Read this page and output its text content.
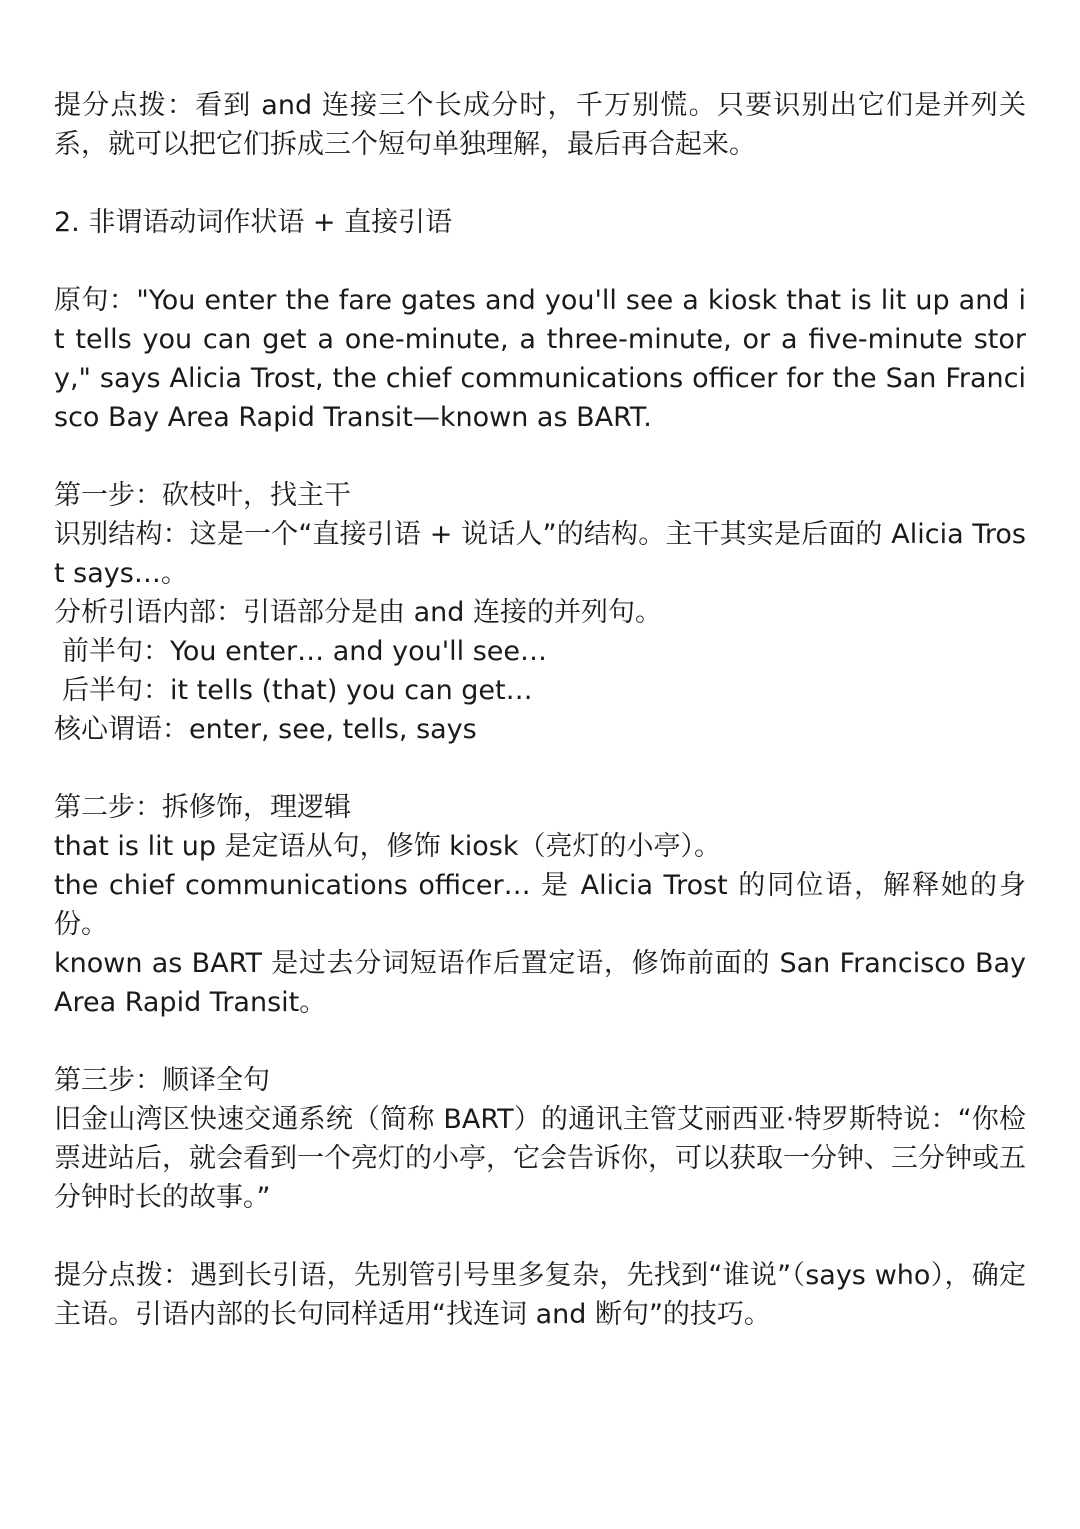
提分点拨：看到 and 连接三个长成分时，千万别慌。只要识别出它们是并列关系，就可以把它们拆成三个短句单独理解，最后再合起来。

2. 非谓语动词作状语 + 直接引语

原句："You enter the fare gates and you'll see a kiosk that is lit up and it tells you can get a one-minute, a three-minute, or a five-minute story," says Alicia Trost, the chief communications officer for the San Francisco Bay Area Rapid Transit—known as BART.

第一步：砍枝叶，找主干

识别结构：这是一个“直接引语 + 说话人”的结构。主干其实是后面的 Alicia Trost says…。

分析引语内部：引语部分是由 and 连接的并列句。

前半句：You enter… and you'll see…

后半句：it tells (that) you can get…

核心谓语：enter, see, tells, says

第二步：拆修饰，理逻辑

that is lit up 是定语从句，修饰 kiosk（亮灯的小亭）。

the chief communications officer… 是 Alicia Trost 的同位语，解释她的身份。

known as BART 是过去分词短语作后置定语，修饰前面的 San Francisco Bay Area Rapid Transit。

第三步：顺译全句

旧金山湾区快速交通系统（简称 BART）的通讯主管艾丽西亚·特罗斯特说：“你检票进站后，就会看到一个亮灯的小亭，它会告诉你，可以获取一分钟、三分钟或五分钟时长的故事。”

提分点拨：遇到长引语，先别管引号里多复杂，先找到“谁说”（says who），确定主语。引语内部的长句同样适用“找连词 and 断句”的技巧。
